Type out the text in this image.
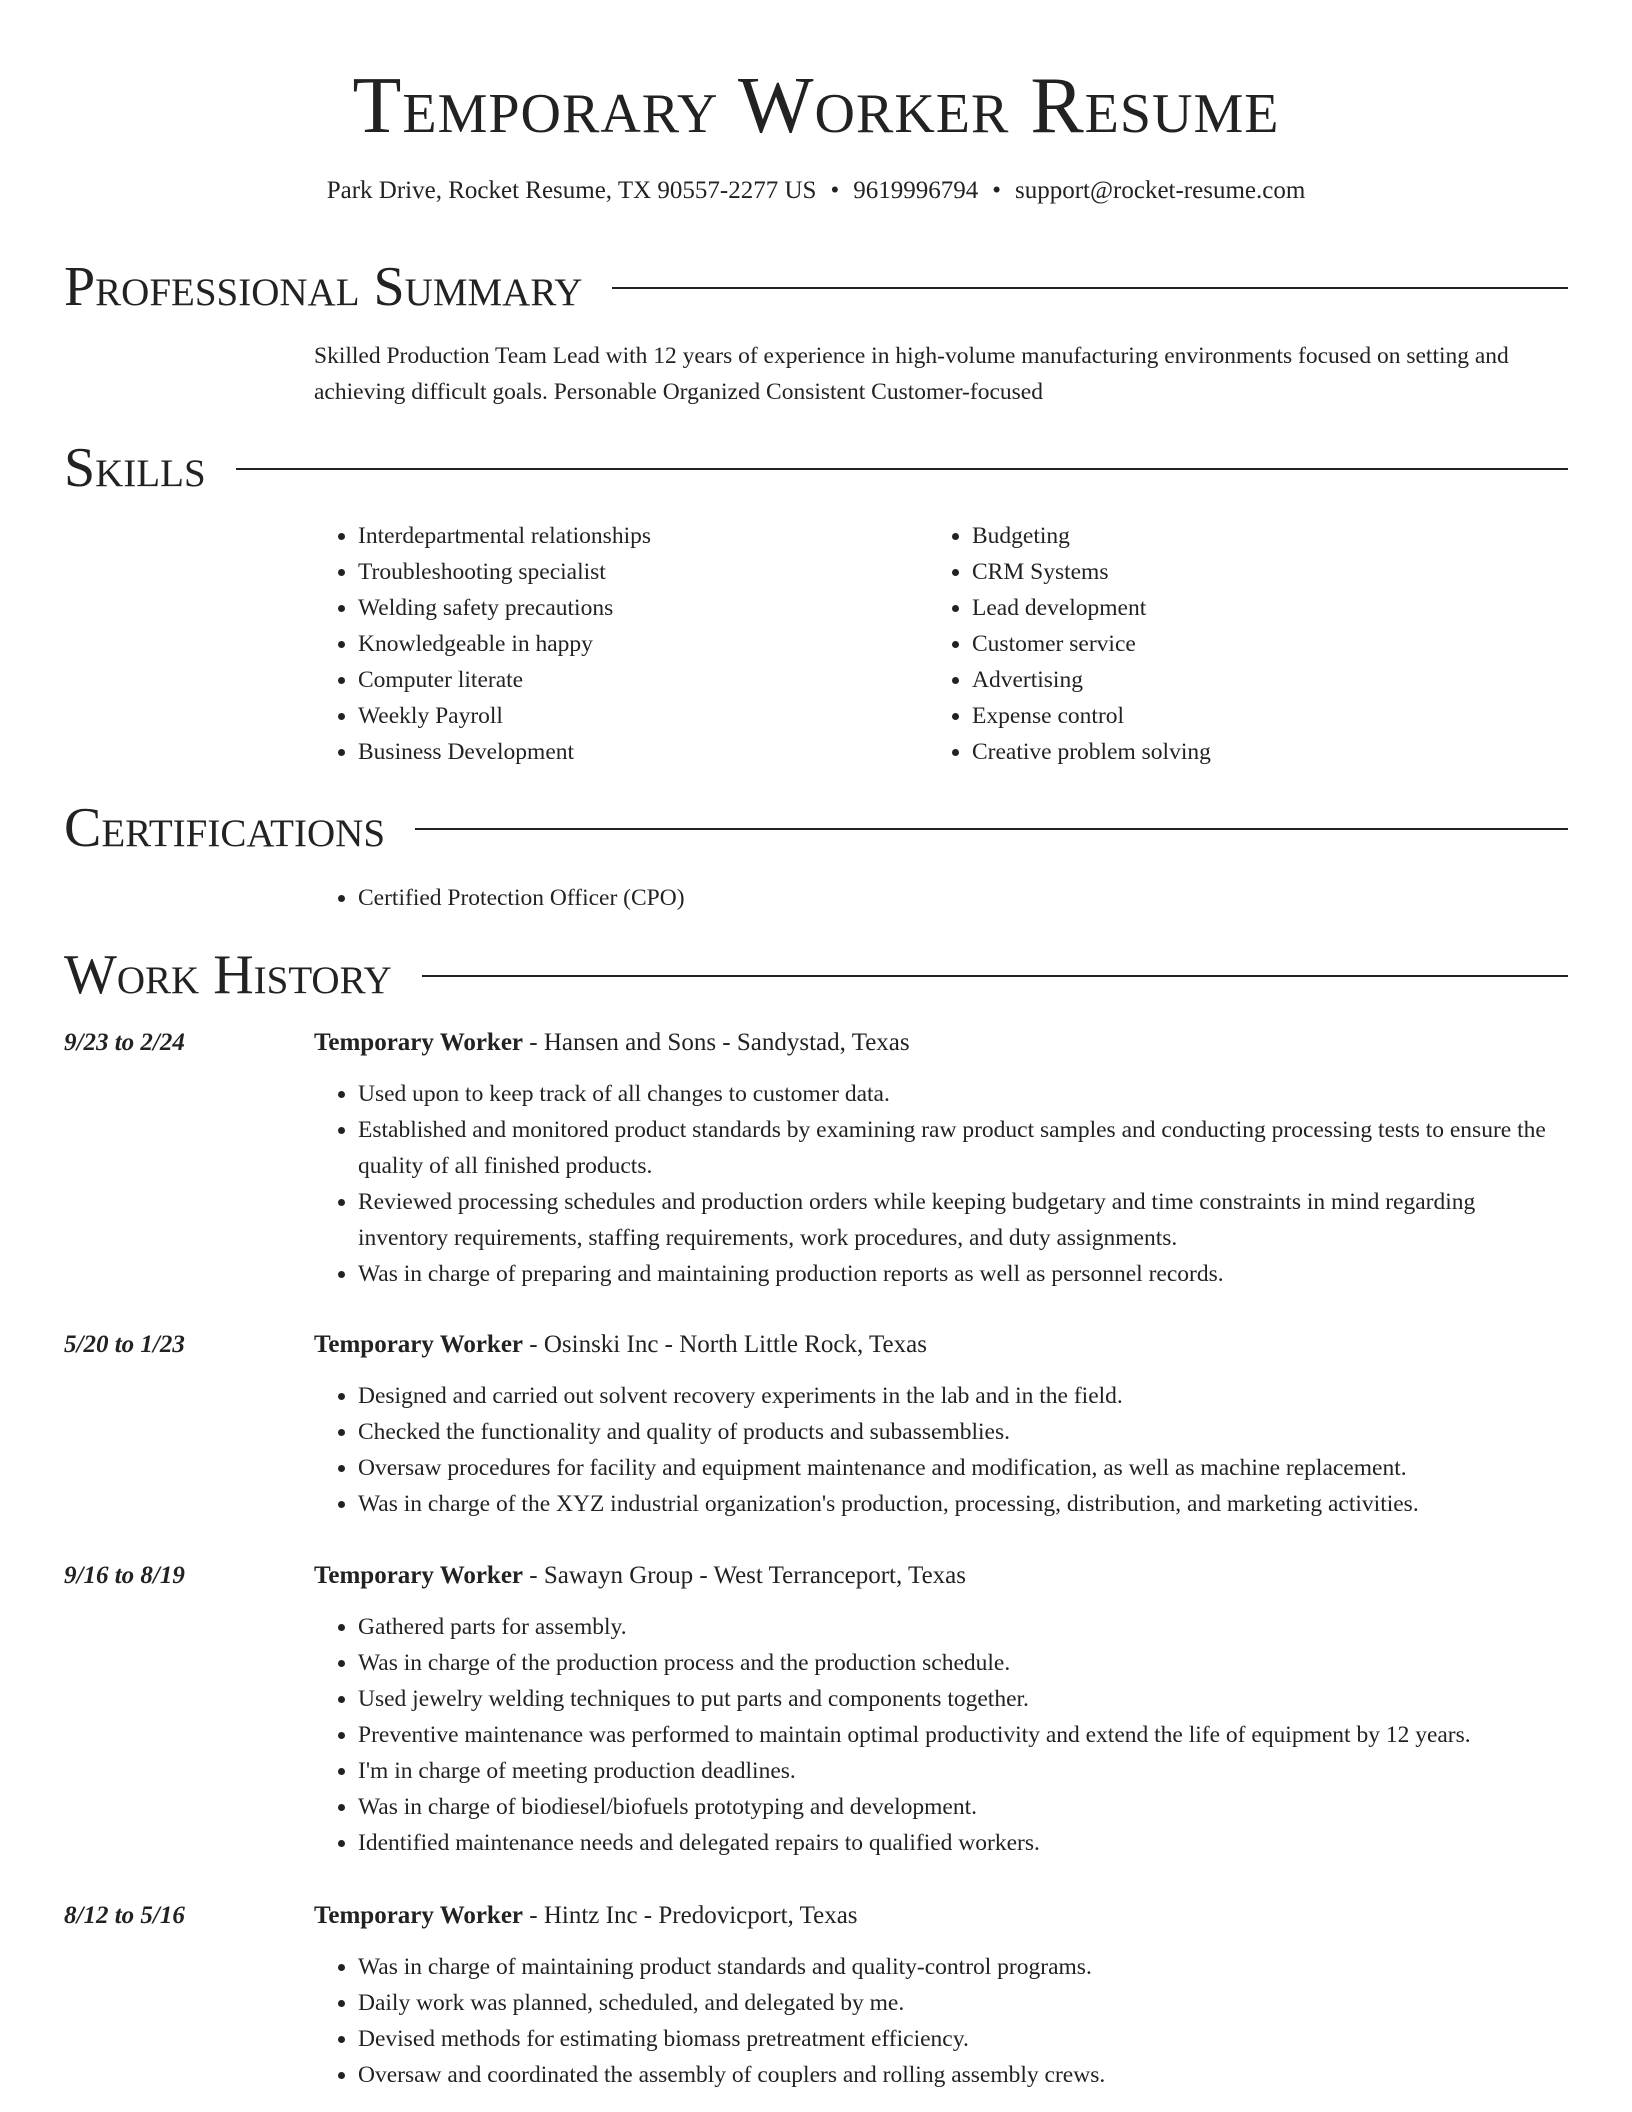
Temporary Worker Resume
Park Drive, Rocket Resume, TX 90557-2277 US • 9619996794 • support@rocket-resume.com
Professional Summary
Skilled Production Team Lead with 12 years of experience in high-volume manufacturing environments focused on setting and achieving difficult goals. Personable Organized Consistent Customer-focused
Skills
• Interdepartmental relationships
• Troubleshooting specialist
• Welding safety precautions
• Knowledgeable in happy
• Computer literate
• Weekly Payroll
• Business Development
• Budgeting
• CRM Systems
• Lead development
• Customer service
• Advertising
• Expense control
• Creative problem solving
Certifications
• Certified Protection Officer (CPO)
Work History
9/23 to 2/24	Temporary Worker - Hansen and Sons - Sandystad, Texas
• Used upon to keep track of all changes to customer data.
• Established and monitored product standards by examining raw product samples and conducting processing tests to ensure the quality of all finished products.
• Reviewed processing schedules and production orders while keeping budgetary and time constraints in mind regarding inventory requirements, staffing requirements, work procedures, and duty assignments.
• Was in charge of preparing and maintaining production reports as well as personnel records.
5/20 to 1/23	Temporary Worker - Osinski Inc - North Little Rock, Texas
• Designed and carried out solvent recovery experiments in the lab and in the field.
• Checked the functionality and quality of products and subassemblies.
• Oversaw procedures for facility and equipment maintenance and modification, as well as machine replacement.
• Was in charge of the XYZ industrial organization's production, processing, distribution, and marketing activities.
9/16 to 8/19	Temporary Worker - Sawayn Group - West Terranceport, Texas
• Gathered parts for assembly.
• Was in charge of the production process and the production schedule.
• Used jewelry welding techniques to put parts and components together.
• Preventive maintenance was performed to maintain optimal productivity and extend the life of equipment by 12 years.
• I'm in charge of meeting production deadlines.
• Was in charge of biodiesel/biofuels prototyping and development.
• Identified maintenance needs and delegated repairs to qualified workers.
8/12 to 5/16	Temporary Worker - Hintz Inc - Predovicport, Texas
• Was in charge of maintaining product standards and quality-control programs.
• Daily work was planned, scheduled, and delegated by me.
• Devised methods for estimating biomass pretreatment efficiency.
• Oversaw and coordinated the assembly of couplers and rolling assembly crews.
